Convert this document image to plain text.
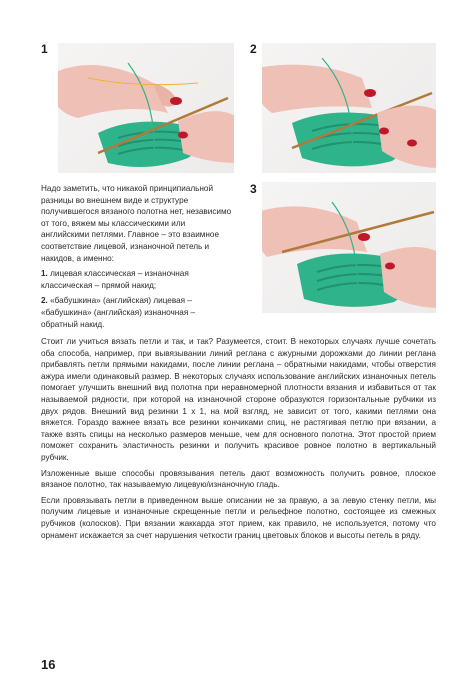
1	2
3

Надо заметить, что никакой принципиальной разницы во внешнем виде и структуре получившегося вязаного полотна нет, независимо от того, вяжем мы классическими или английскими петлями. Главное – это взаимное соответствие лицевой, изнаночной петель и накидов, а именно:

1. лицевая классическая – изнаночная классическая – прямой накид;

2. «бабушкина» (английская) лицевая – «бабушкина» (английская) изнаночная – обратный накид.

Стоит ли учиться вязать петли и так, и так? Разумеется, стоит. В некоторых случаях лучше сочетать оба способа, например, при вывязывании линий реглана с ажурными дорожками до линии реглана прибавлять петли прямыми накидами, после линии реглана – обратными накидами, чтобы отверстия ажура имели одинаковый размер. В некоторых случаях использование английских изнаночных петель помогает улучшить внешний вид полотна при неравномерной плотности вязания и избавиться от так называемой рядности, при которой на изнаночной стороне образуются горизонтальные рубчики из двух рядов. Внешний вид резинки 1 х 1, на мой взгляд, не зависит от того, какими петлями она вяжется. Гораздо важнее вязать все резинки кончиками спиц, не растягивая петлю при вязании, а также взять спицы на несколько размеров меньше, чем для основного полотна. Этот простой прием поможет сохранить эластичность резинки и получить красивое ровное полотно в вертикальный рубчик.

Изложенные выше способы провязывания петель дают возможность получить ровное, плоское вязаное полотно, так называемую лицевую/изнаночную гладь.

Если провязывать петли в приведенном выше описании не за правую, а за левую стенку петли, мы получим лицевые и изнаночные скрещенные петли и рельефное полотно, состоящее из смежных рубчиков (колосков). При вязании жаккарда этот прием, как правило, не используется, потому что орнамент искажается за счет нарушения четкости границ цветовых блоков и высоты петель в ряду.

16
